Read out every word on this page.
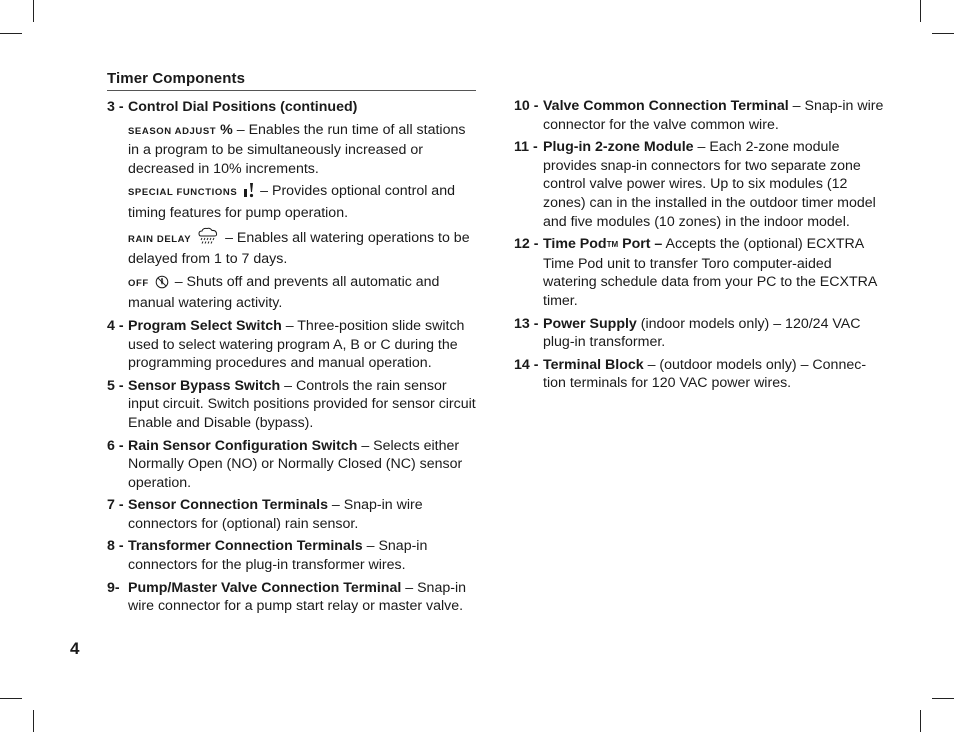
Timer Components
3 - Control Dial Positions (continued)
SEASON ADJUST % – Enables the run time of all stations in a program to be simultaneously increased or decreased in 10% increments.
SPECIAL FUNCTIONS  – Provides optional control and timing features for pump operation.
RAIN DELAY  – Enables all watering operations to be delayed from 1 to 7 days.
OFF  – Shuts off and prevents all automatic and manual watering activity.
4 - Program Select Switch – Three-position slide switch used to select watering program A, B or C during the programming procedures and manual operation.
5 - Sensor Bypass Switch – Controls the rain sensor input circuit. Switch positions provided for sensor circuit Enable and Disable (bypass).
6 - Rain Sensor Configuration Switch – Selects either Normally Open (NO) or Normally Closed (NC) sensor operation.
7 - Sensor Connection Terminals – Snap-in wire connectors for (optional) rain sensor.
8 - Transformer Connection Terminals – Snap-in connectors for the plug-in transformer wires.
9- Pump/Master Valve Connection Terminal – Snap-in wire connector for a pump start relay or master valve.
10 - Valve Common Connection Terminal – Snap-in wire connector for the valve common wire.
11 - Plug-in 2-zone Module – Each 2-zone module provides snap-in connectors for two separate zone control valve power wires. Up to six modules (12 zones) can in the installed in the outdoor timer model and five modules (10 zones) in the indoor model.
12 - Time PodTM Port – Accepts the (optional) ECXTRA Time Pod unit to transfer Toro computer-aided watering schedule data from your PC to the ECXTRA timer.
13 - Power Supply (indoor models only) – 120/24 VAC plug-in transformer.
14 - Terminal Block – (outdoor models only) – Connec-tion terminals for 120 VAC power wires.
4
